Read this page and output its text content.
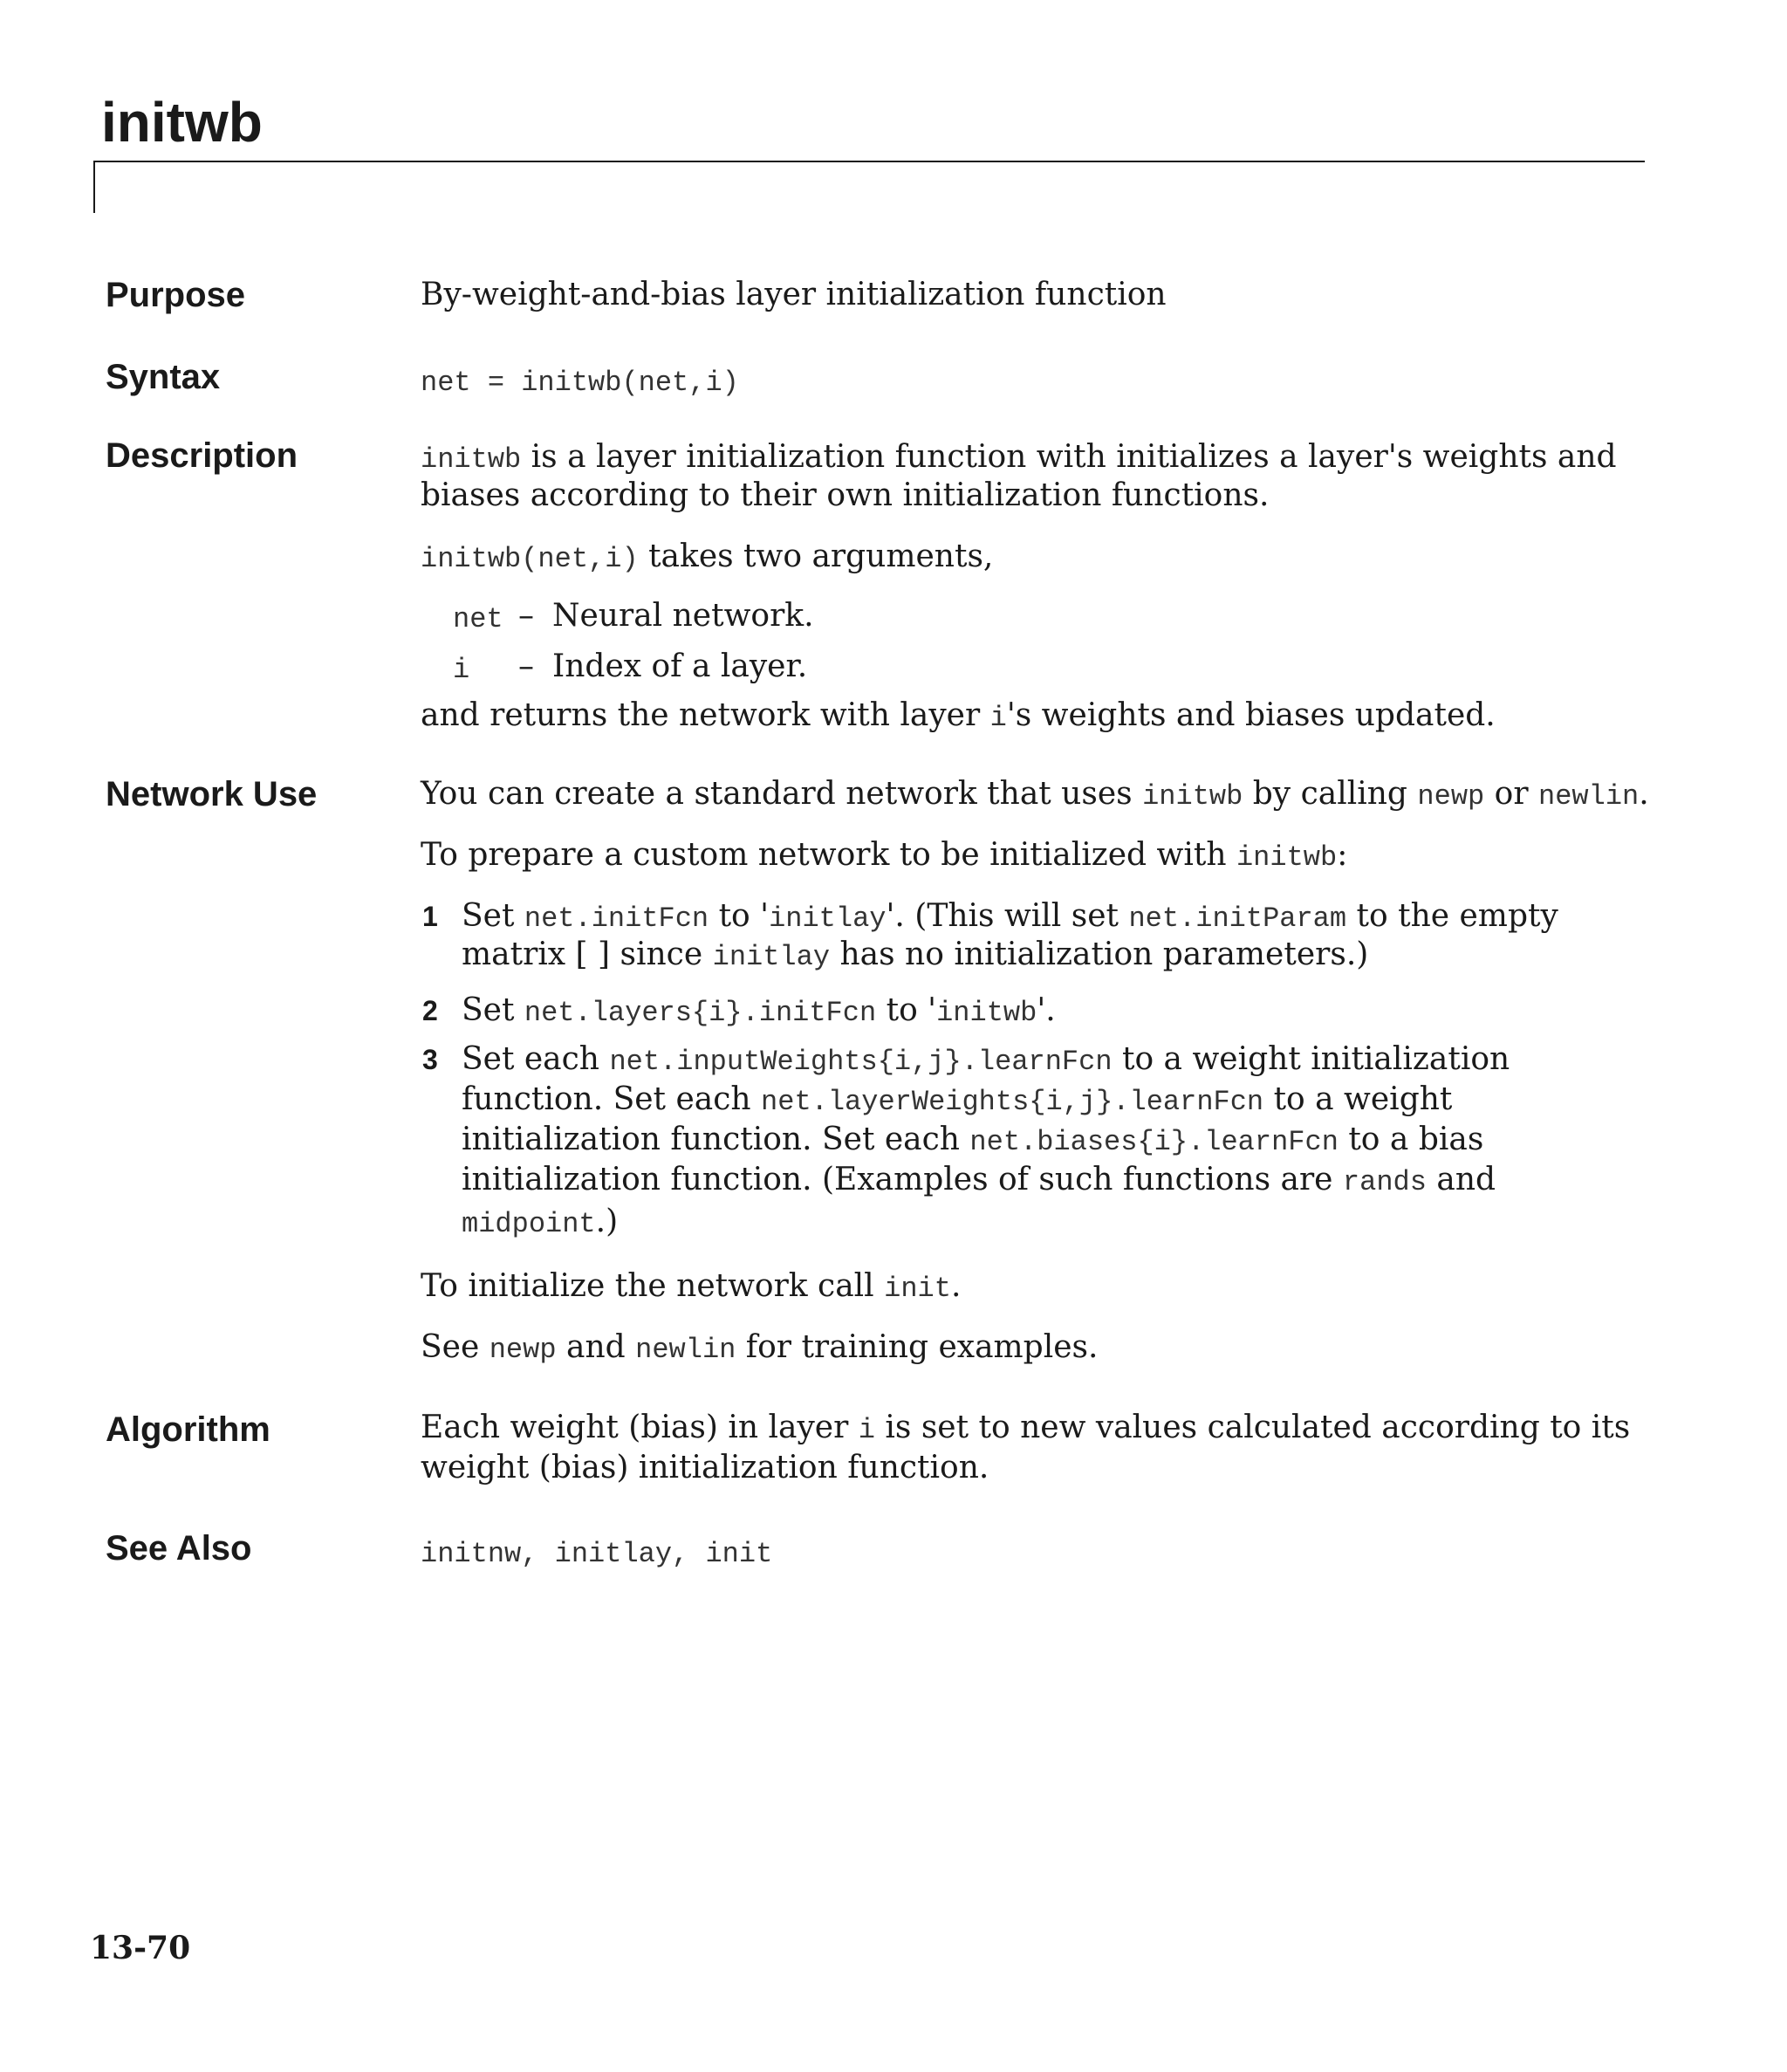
initwb
Purpose	By-weight-and-bias layer initialization function
Syntax	net = initwb(net,i)
Description	initwb is a layer initialization function with initializes a layer's weights and
biases according to their own initialization functions.
initwb(net,i) takes two arguments,
net – Neural network.
i – Index of a layer.
and returns the network with layer i's weights and biases updated.
Network Use	You can create a standard network that uses initwb by calling newp or newlin.
To prepare a custom network to be initialized with initwb:
1 Set net.initFcn to 'initlay'. (This will set net.initParam to the empty
matrix [ ] since initlay has no initialization parameters.)
2 Set net.layers{i}.initFcn to 'initwb'.
3 Set each net.inputWeights{i,j}.learnFcn to a weight initialization
function. Set each net.layerWeights{i,j}.learnFcn to a weight
initialization function. Set each net.biases{i}.learnFcn to a bias
initialization function. (Examples of such functions are rands and
midpoint.)
To initialize the network call init.
See newp and newlin for training examples.
Algorithm	Each weight (bias) in layer i is set to new values calculated according to its
weight (bias) initialization function.
See Also	initnw, initlay, init
13-70
